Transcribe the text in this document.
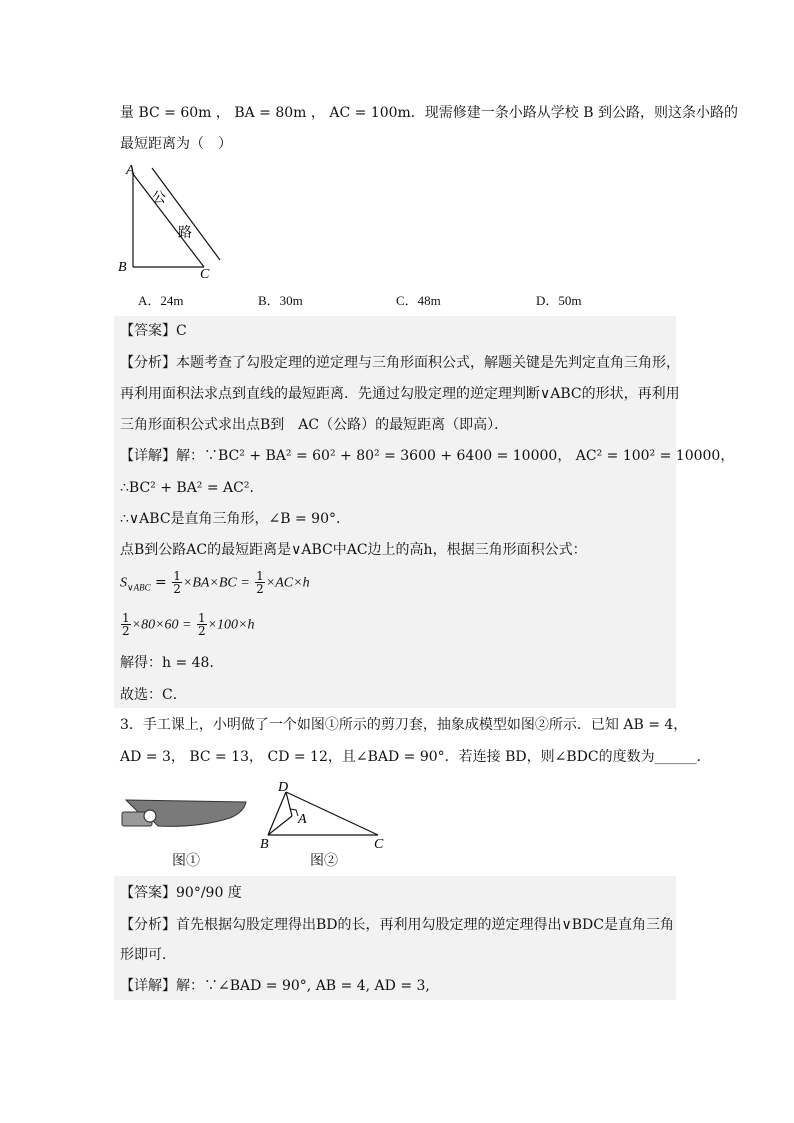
量 BC = 60m ， BA = 80m ， AC = 100m．现需修建一条小路从学校 B 到公路，则这条小路的
最短距离为（　）
A
B	C
公
路
A．24m	B．30m	C．48m	D．50m
【答案】C
【分析】本题考查了勾股定理的逆定理与三角形面积公式，解题关键是先判定直角三角形，
再利用面积法求点到直线的最短距离．先通过勾股定理的逆定理判断∨ABC的形状，再利用
三角形面积公式求出点B到　AC（公路）的最短距离（即高）．
【详解】解：∵BC² + BA² = 60² + 80² = 3600 + 6400 = 10000， AC² = 100² = 10000，
∴BC² + BA² = AC²．
∴∨ABC是直角三角形，∠B = 90°．
点B到公路AC的最短距离是∨ABC中AC边上的高h，根据三角形面积公式：
$S_{\vee ABC} = \frac{1}{2} \times BA\times BC = \frac{1}{2} \times AC\times h$
$\frac{1}{2} \times 80\times 60 = \frac{1}{2} \times 100\times h$
解得：h = 48．
故选：C．
3．手工课上，小明做了一个如图①所示的剪刀套，抽象成模型如图②所示．已知 AB = 4，
AD = 3， BC = 13， CD = 12，且∠BAD = 90°．若连接 BD，则∠BDC的度数为______．
D
A
B	C
图①	图②
【答案】90°/90 度
【分析】首先根据勾股定理得出BD的长，再利用勾股定理的逆定理得出∨BDC是直角三角
形即可．
【详解】解：∵∠BAD = 90°, AB = 4, AD = 3,
